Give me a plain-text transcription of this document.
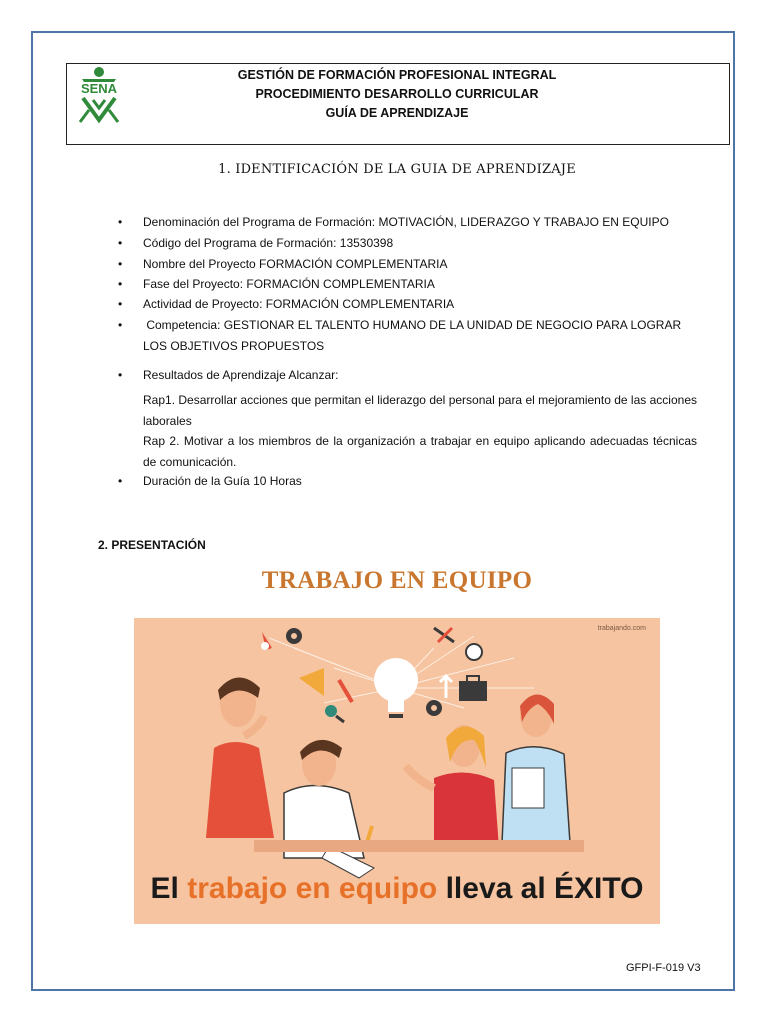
SENA
GESTIÓN DE FORMACIÓN PROFESIONAL INTEGRAL
PROCEDIMIENTO DESARROLLO CURRICULAR
GUÍA DE APRENDIZAJE
1. IDENTIFICACIÓN DE LA GUIA DE APRENDIZAJE
•	Denominación del Programa de Formación: MOTIVACIÓN, LIDERAZGO Y TRABAJO EN EQUIPO
•	Código del Programa de Formación: 13530398
•	Nombre del Proyecto FORMACIÓN COMPLEMENTARIA
•	Fase del Proyecto: FORMACIÓN COMPLEMENTARIA
•	Actividad de Proyecto: FORMACIÓN COMPLEMENTARIA
•	Competencia: GESTIONAR EL TALENTO HUMANO DE LA UNIDAD DE NEGOCIO PARA LOGRAR LOS OBJETIVOS PROPUESTOS
•	Resultados de Aprendizaje Alcanzar:
•	Duración de la Guía 10 Horas
Rap1. Desarrollar acciones que permitan el liderazgo del personal para el mejoramiento de las acciones laborales
Rap 2. Motivar a los miembros de la organización a trabajar en equipo aplicando adecuadas técnicas de comunicación.
2. PRESENTACIÓN
TRABAJO EN EQUIPO
trabajando.com
El trabajo en equipo lleva al ÉXITO
GFPI-F-019 V3
